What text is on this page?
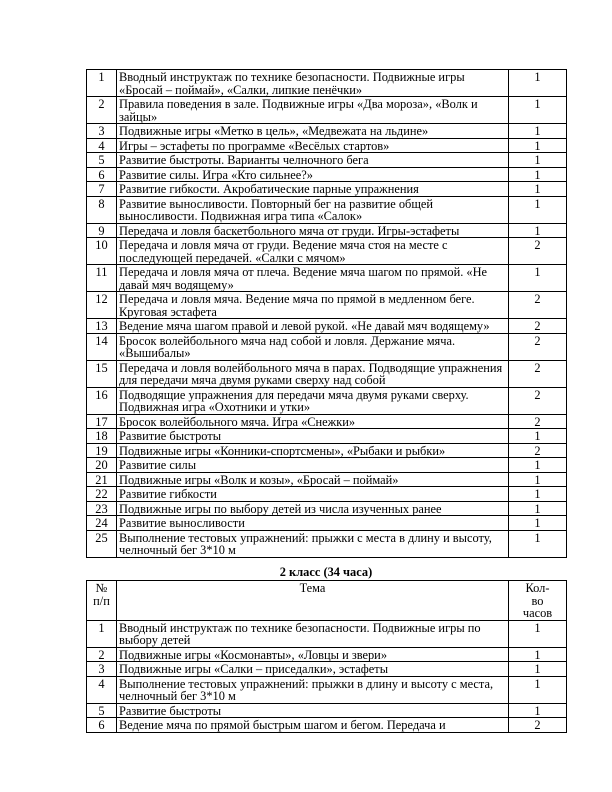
1	Вводный инструктаж по технике безопасности. Подвижные игры «Бросай – поймай», «Салки, липкие пенёчки»	1
2	Правила поведения в зале. Подвижные игры «Два мороза», «Волк и зайцы»	1
3	Подвижные игры «Метко в цель», «Медвежата на льдине»	1
4	Игры – эстафеты по программе «Весёлых стартов»	1
5	Развитие быстроты. Варианты челночного бега	1
6	Развитие силы. Игра «Кто сильнее?»	1
7	Развитие гибкости. Акробатические парные упражнения	1
8	Развитие выносливости. Повторный бег на развитие общей выносливости. Подвижная игра типа «Салок»	1
9	Передача и ловля баскетбольного мяча от груди. Игры-эстафеты	1
10	Передача и ловля мяча от груди. Ведение мяча стоя на месте с последующей передачей. «Салки с мячом»	2
11	Передача и ловля мяча от плеча. Ведение мяча шагом по прямой. «Не давай мяч водящему»	1
12	Передача и ловля мяча. Ведение мяча по прямой в медленном беге. Круговая эстафета	2
13	Ведение мяча шагом правой и левой рукой. «Не давай мяч водящему»	2
14	Бросок волейбольного мяча над собой и ловля. Держание мяча. «Вышибалы»	2
15	Передача и ловля волейбольного мяча в парах. Подводящие упражнения для передачи мяча двумя руками сверху над собой	2
16	Подводящие упражнения для передачи мяча двумя руками сверху. Подвижная игра «Охотники и утки»	2
17	Бросок волейбольного мяча. Игра «Снежки»	2
18	Развитие быстроты	1
19	Подвижные игры «Конники-спортсмены», «Рыбаки и рыбки»	2
20	Развитие силы	1
21	Подвижные игры «Волк и козы», «Бросай – поймай»	1
22	Развитие гибкости	1
23	Подвижные игры по выбору детей из числа изученных ранее	1
24	Развитие выносливости	1
25	Выполнение тестовых упражнений: прыжки с места в длину и высоту, челночный бег 3*10 м	1
2 класс (34 часа)
№ п/п	Тема	Кол-во часов
1	Вводный инструктаж по технике безопасности. Подвижные игры по выбору детей	1
2	Подвижные игры «Космонавты», «Ловцы и звери»	1
3	Подвижные игры «Салки – приседалки», эстафеты	1
4	Выполнение тестовых упражнений: прыжки в длину и высоту с места, челночный бег 3*10 м	1
5	Развитие быстроты	1
6	Ведение мяча по прямой быстрым шагом и бегом. Передача и	2
